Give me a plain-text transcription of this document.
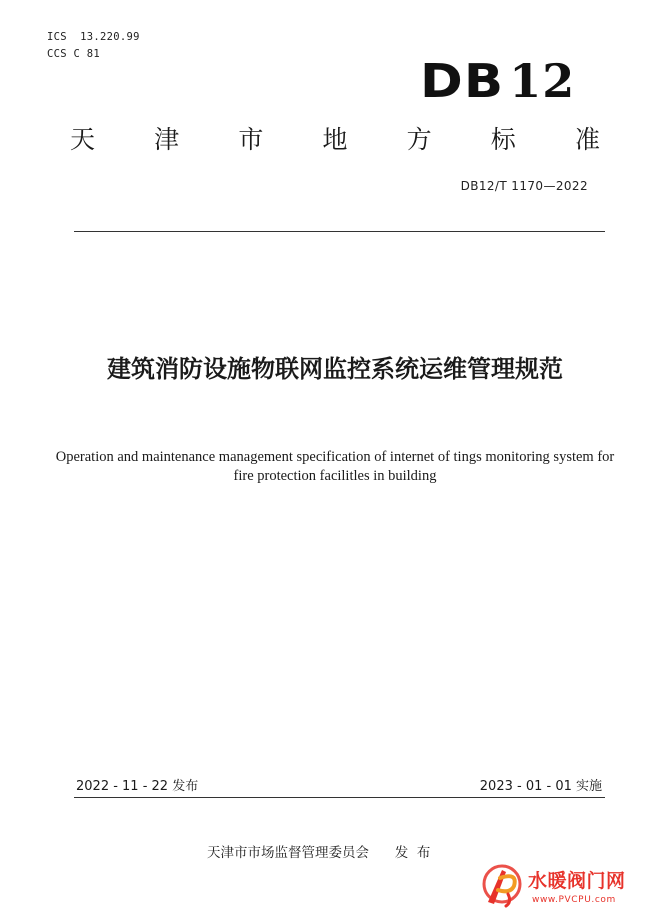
ICS  13.220.99
CCS C 81	DB 12
天 津 市 地 方 标 准
DB12/T 1170—2022
建筑消防设施物联网监控系统运维管理规范
Operation and maintenance management specification of internet of tings monitoring system for fire protection facilitles in building
2022 - 11 - 22 发布	2023 - 01 - 01 实施
天津市市场监督管理委员会 发  布
水暖阀门网
www.PVCPU.com
